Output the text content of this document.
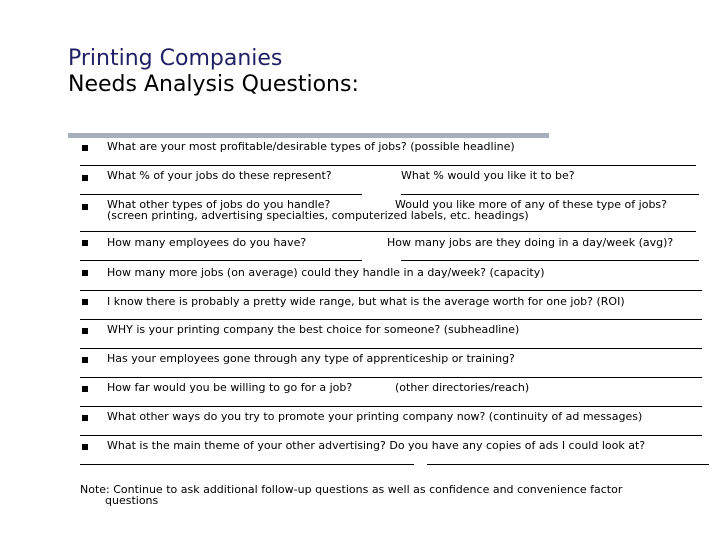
Printing Companies
Needs Analysis Questions:
What are your most profitable/desirable types of jobs? (possible headline)
What % of your jobs do these represent?	What % would you like it to be?
What other types of jobs do you handle?	Would you like more of any of these type of jobs?
(screen printing, advertising specialties, computerized labels, etc. headings)
How many employees do you have?	How many jobs are they doing in a day/week (avg)?
How many more jobs (on average) could they handle in a day/week? (capacity)
I know there is probably a pretty wide range, but what is the average worth for one job? (ROI)
WHY is your printing company the best choice for someone? (subheadline)
Has your employees gone through any type of apprenticeship or training?
How far would you be willing to go for a job?	(other directories/reach)
What other ways do you try to promote your printing company now? (continuity of ad messages)
What is the main theme of your other advertising? Do you have any copies of ads I could look at?
Note: Continue to ask additional follow-up questions as well as confidence and convenience factor
questions
